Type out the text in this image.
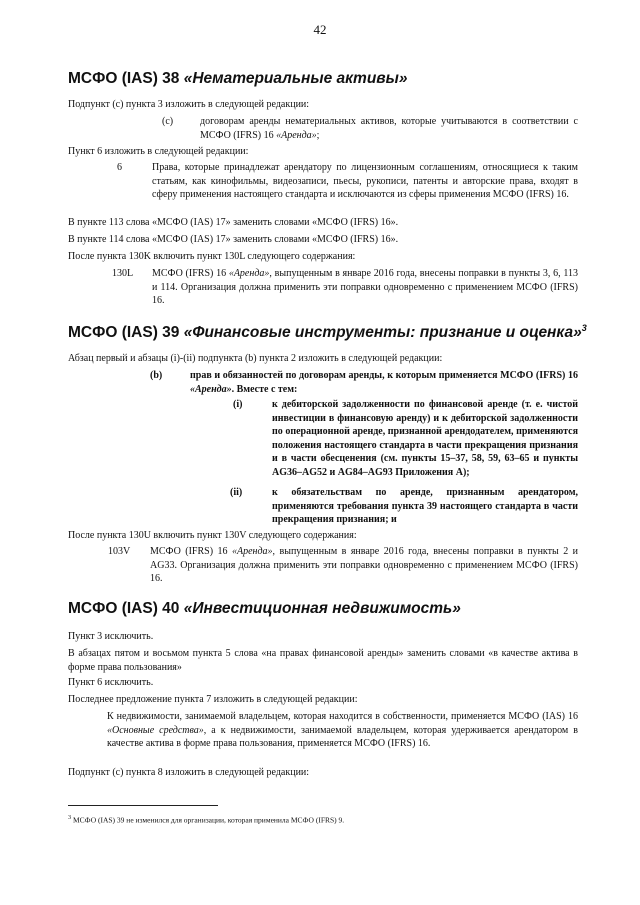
42
МСФО (IAS) 38 «Нематериальные активы»
Подпункт (с) пункта 3 изложить в следующей редакции:
(с)	договорам аренды нематериальных активов, которые учитываются в соответствии с МСФО (IFRS) 16 «Аренда»;
Пункт 6 изложить в следующей редакции:
6	Права, которые принадлежат арендатору по лицензионным соглашениям, относящиеся к таким статьям, как кинофильмы, видеозаписи, пьесы, рукописи, патенты и авторские права, входят в сферу применения настоящего стандарта и исключаются из сферы применения МСФО (IFRS) 16.
В пункте 113 слова «МСФО (IAS) 17» заменить словами «МСФО (IFRS) 16».
В пункте 114 слова «МСФО (IAS) 17» заменить словами «МСФО (IFRS) 16».
После пункта 130K включить пункт 130L следующего содержания:
130L МСФО (IFRS) 16 «Аренда», выпущенным в январе 2016 года, внесены поправки в пункты 3, 6, 113 и 114. Организация должна применить эти поправки одновременно с применением МСФО (IFRS) 16.
МСФО (IAS) 39 «Финансовые инструменты: признание и оценка»$^3$
Абзац первый и абзацы (i)-(ii) подпункта (b) пункта 2 изложить в следующей редакции:
(b)	прав и обязанностей по договорам аренды, к которым применяется МСФО (IFRS) 16 «Аренда». Вместе с тем:
(i)	к дебиторской задолженности по финансовой аренде (т. е. чистой инвестиции в финансовую аренду) и к дебиторской задолженности по операционной аренде, признанной арендодателем, применяются положения настоящего стандарта в части прекращения признания и в части обесценения (см. пункты 15–37, 58, 59, 63–65 и пункты AG36–AG52 и AG84–AG93 Приложения А);
(ii)	к обязательствам по аренде, признанным арендатором, применяются требования пункта 39 настоящего стандарта в части прекращения признания; и
После пункта 130U включить пункт 130V следующего содержания:
103V МСФО (IFRS) 16 «Аренда», выпущенным в январе 2016 года, внесены поправки в пункты 2 и AG33. Организация должна применить эти поправки одновременно с применением МСФО (IFRS) 16.
МСФО (IAS) 40 «Инвестиционная недвижимость»
Пункт 3 исключить.
В абзацах пятом и восьмом пункта 5 слова «на правах финансовой аренды» заменить словами «в качестве актива в форме права пользования»
Пункт 6 исключить.
Последнее предложение пункта 7 изложить в следующей редакции:
К недвижимости, занимаемой владельцем, которая находится в собственности, применяется МСФО (IAS) 16 «Основные средства», а к недвижимости, занимаемой владельцем, которая удерживается арендатором в качестве актива в форме права пользования, применяется МСФО (IFRS) 16.
Подпункт (с) пункта 8 изложить в следующей редакции:
$^3$ МСФО (IAS) 39 не изменился для организации, которая применила МСФО (IFRS) 9.
